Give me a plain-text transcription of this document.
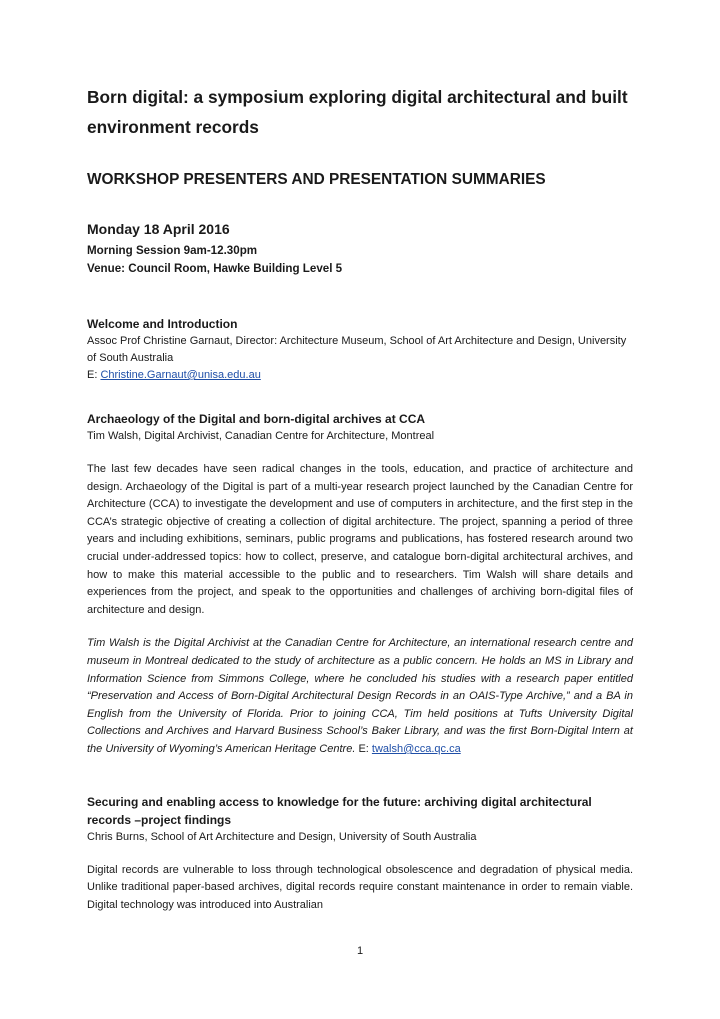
Born digital: a symposium exploring digital architectural and built environment records
WORKSHOP PRESENTERS AND PRESENTATION SUMMARIES

Monday 18 April 2016

Morning Session 9am-12.30pm

Venue: Council Room, Hawke Building Level 5

Welcome and Introduction

Assoc Prof Christine Garnaut, Director: Architecture Museum, School of Art Architecture and Design, University of South Australia

E: Christine.Garnaut@unisa.edu.au

Archaeology of the Digital and born-digital archives at CCA

Tim Walsh, Digital Archivist, Canadian Centre for Architecture, Montreal

The last few decades have seen radical changes in the tools, education, and practice of architecture and design. Archaeology of the Digital is part of a multi-year research project launched by the Canadian Centre for Architecture (CCA) to investigate the development and use of computers in architecture, and the first step in the CCA’s strategic objective of creating a collection of digital architecture. The project, spanning a period of three years and including exhibitions, seminars, public programs and publications, has fostered research around two crucial under-addressed topics: how to collect, preserve, and catalogue born-digital architectural archives, and how to make this material accessible to the public and to researchers. Tim Walsh will share details and experiences from the project, and speak to the opportunities and challenges of archiving born-digital files of architecture and design.

Tim Walsh is the Digital Archivist at the Canadian Centre for Architecture, an international research centre and museum in Montreal dedicated to the study of architecture as a public concern. He holds an MS in Library and Information Science from Simmons College, where he concluded his studies with a research paper entitled “Preservation and Access of Born-Digital Architectural Design Records in an OAIS-Type Archive,” and a BA in English from the University of Florida. Prior to joining CCA, Tim held positions at Tufts University Digital Collections and Archives and Harvard Business School’s Baker Library, and was the first Born-Digital Intern at the University of Wyoming’s American Heritage Centre. E: twalsh@cca.qc.ca

Securing and enabling access to knowledge for the future: archiving digital architectural records –project findings

Chris Burns, School of Art Architecture and Design, University of South Australia

Digital records are vulnerable to loss through technological obsolescence and degradation of physical media. Unlike traditional paper-based archives, digital records require constant maintenance in order to remain viable. Digital technology was introduced into Australian

1
